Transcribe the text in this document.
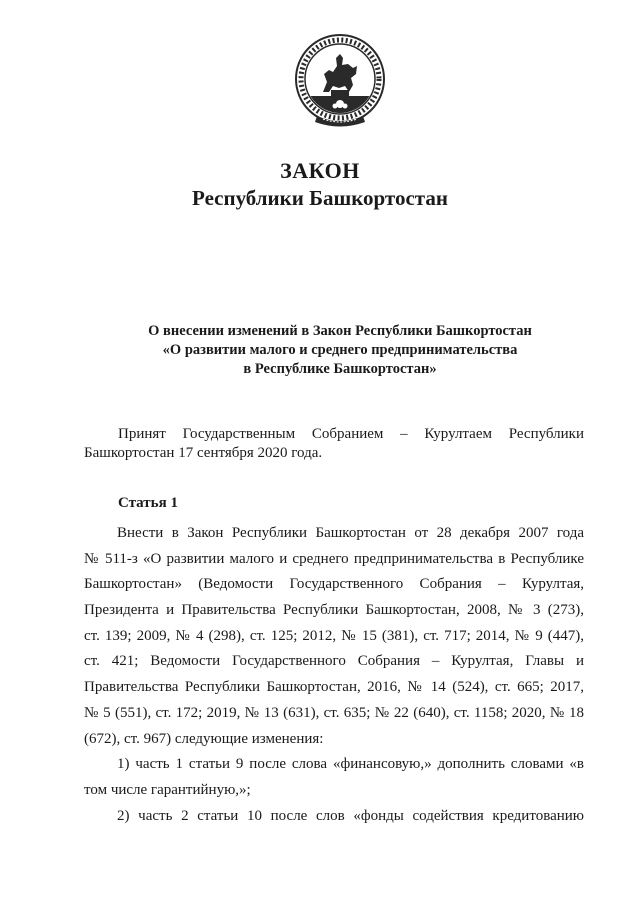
ЗАКОН
Республики Башкортостан
О внесении изменений в Закон Республики Башкортостан
«О развитии малого и среднего предпринимательства
в Республике Башкортостан»
Принят Государственным Собранием – Курултаем Республики
Башкортостан 17 сентября 2020 года.
Статья 1
Внести в Закон Республики Башкортостан от 28 декабря 2007 года
№ 511-з «О развитии малого и среднего предпринимательства в Республике
Башкортостан» (Ведомости Государственного Собрания – Курултая,
Президента и Правительства Республики Башкортостан, 2008, № 3 (273),
ст. 139; 2009, № 4 (298), ст. 125; 2012, № 15 (381), ст. 717; 2014, № 9 (447),
ст. 421; Ведомости Государственного Собрания – Курултая, Главы и
Правительства Республики Башкортостан, 2016, № 14 (524), ст. 665; 2017,
№ 5 (551), ст. 172; 2019, № 13 (631), ст. 635; № 22 (640), ст. 1158; 2020, № 18
(672), ст. 967) следующие изменения:
1) часть 1 статьи 9 после слова «финансовую,» дополнить словами «в
том числе гарантийную,»;
2) часть 2 статьи 10 после слов «фонды содействия кредитованию
